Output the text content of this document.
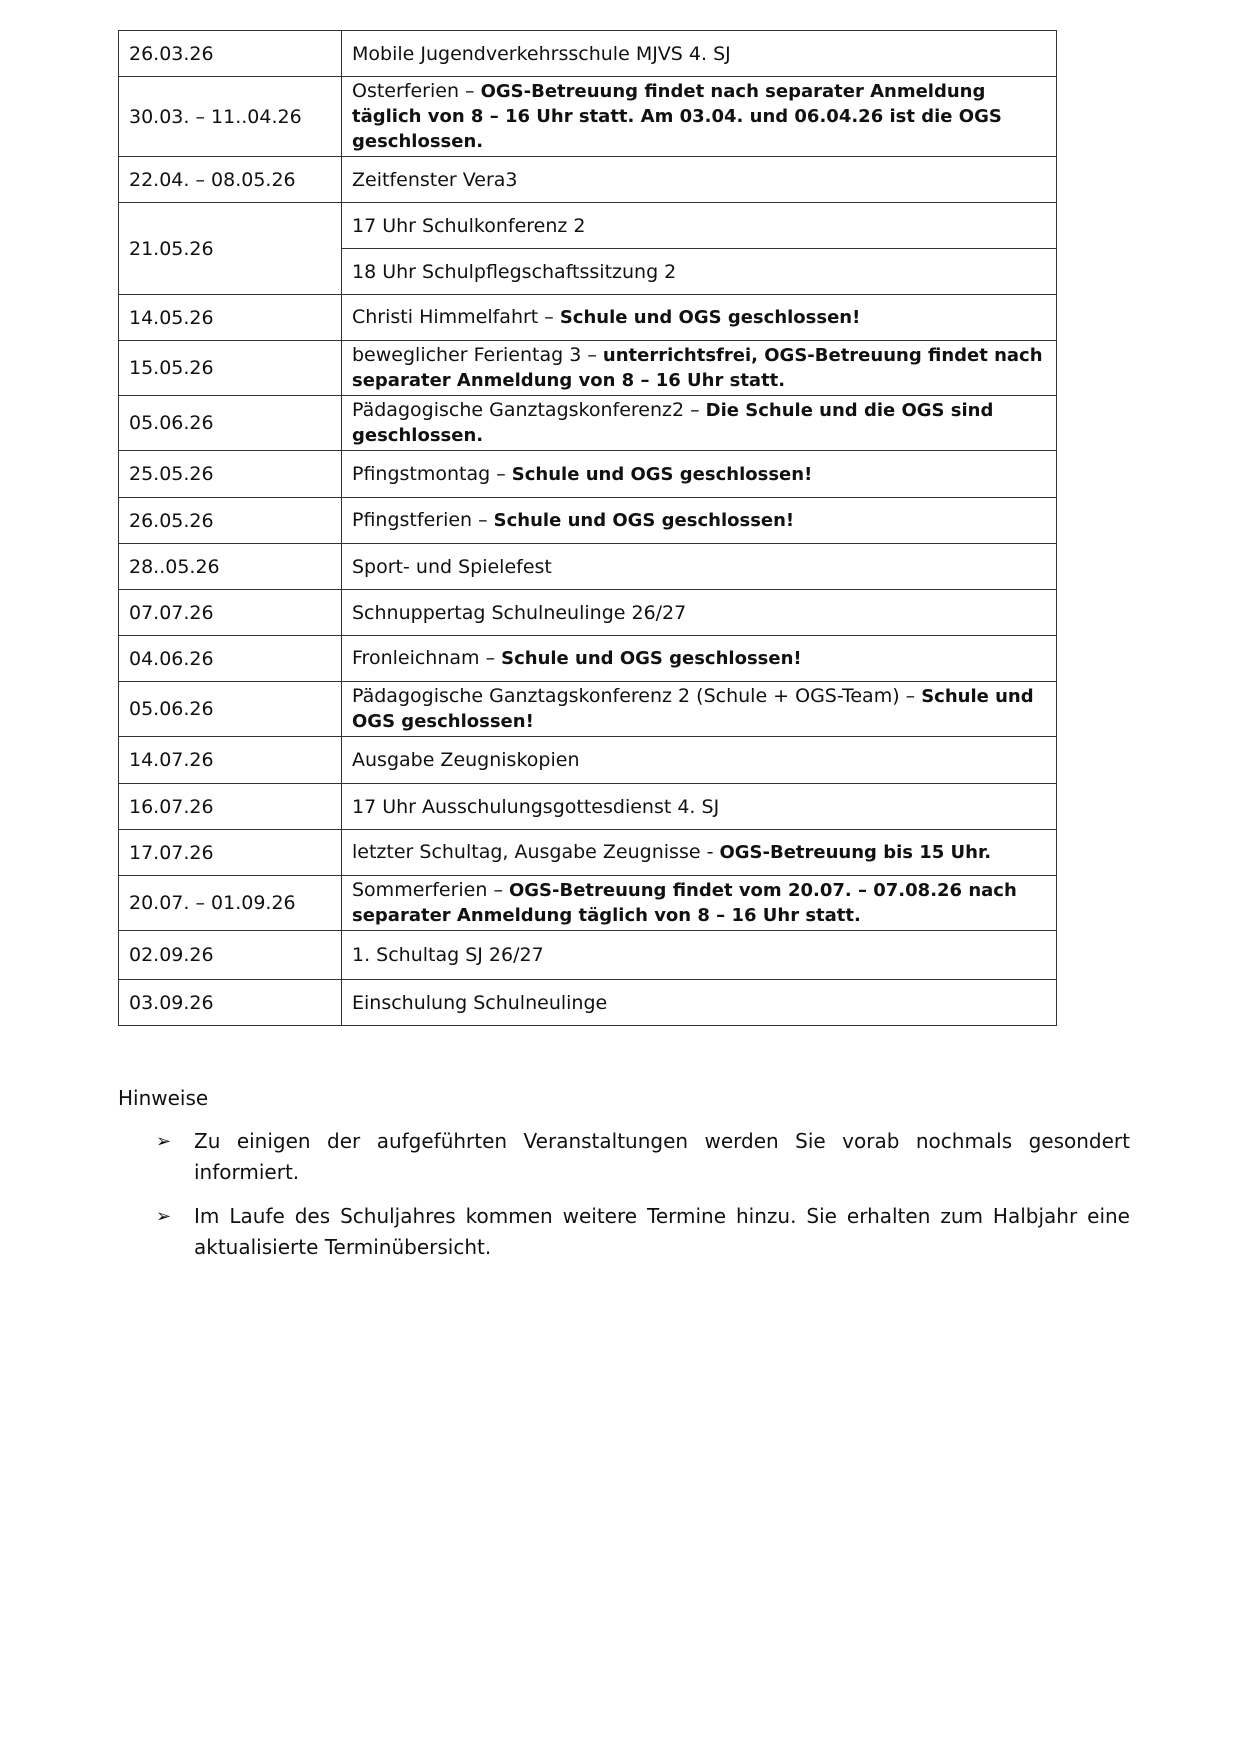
26.03.26	Mobile Jugendverkehrsschule MJVS 4. SJ
30.03. – 11..04.26	Osterferien – OGS-Betreuung findet nach separater Anmeldung täglich von 8 – 16 Uhr statt. Am 03.04. und 06.04.26 ist die OGS geschlossen.
22.04. – 08.05.26	Zeitfenster Vera3
21.05.26	17 Uhr Schulkonferenz 2
	18 Uhr Schulpflegschaftssitzung 2
14.05.26	Christi Himmelfahrt – Schule und OGS geschlossen!
15.05.26	beweglicher Ferientag 3 – unterrichtsfrei, OGS-Betreuung findet nach separater Anmeldung von 8 – 16 Uhr statt.
05.06.26	Pädagogische Ganztagskonferenz2 – Die Schule und die OGS sind geschlossen.
25.05.26	Pfingstmontag – Schule und OGS geschlossen!
26.05.26	Pfingstferien – Schule und OGS geschlossen!
28..05.26	Sport- und Spielefest
07.07.26	Schnuppertag Schulneulinge 26/27
04.06.26	Fronleichnam – Schule und OGS geschlossen!
05.06.26	Pädagogische Ganztagskonferenz 2 (Schule + OGS-Team) – Schule und OGS geschlossen!
14.07.26	Ausgabe Zeugniskopien
16.07.26	17 Uhr Ausschulungsgottesdienst 4. SJ
17.07.26	letzter Schultag, Ausgabe Zeugnisse - OGS-Betreuung bis 15 Uhr.
20.07. – 01.09.26	Sommerferien – OGS-Betreuung findet vom 20.07. – 07.08.26 nach separater Anmeldung täglich von 8 – 16 Uhr statt.
02.09.26	1. Schultag SJ 26/27
03.09.26	Einschulung Schulneulinge
Hinweise
➢ Zu einigen der aufgeführten Veranstaltungen werden Sie vorab nochmals gesondert informiert.
➢ Im Laufe des Schuljahres kommen weitere Termine hinzu. Sie erhalten zum Halbjahr eine aktualisierte Terminübersicht.
